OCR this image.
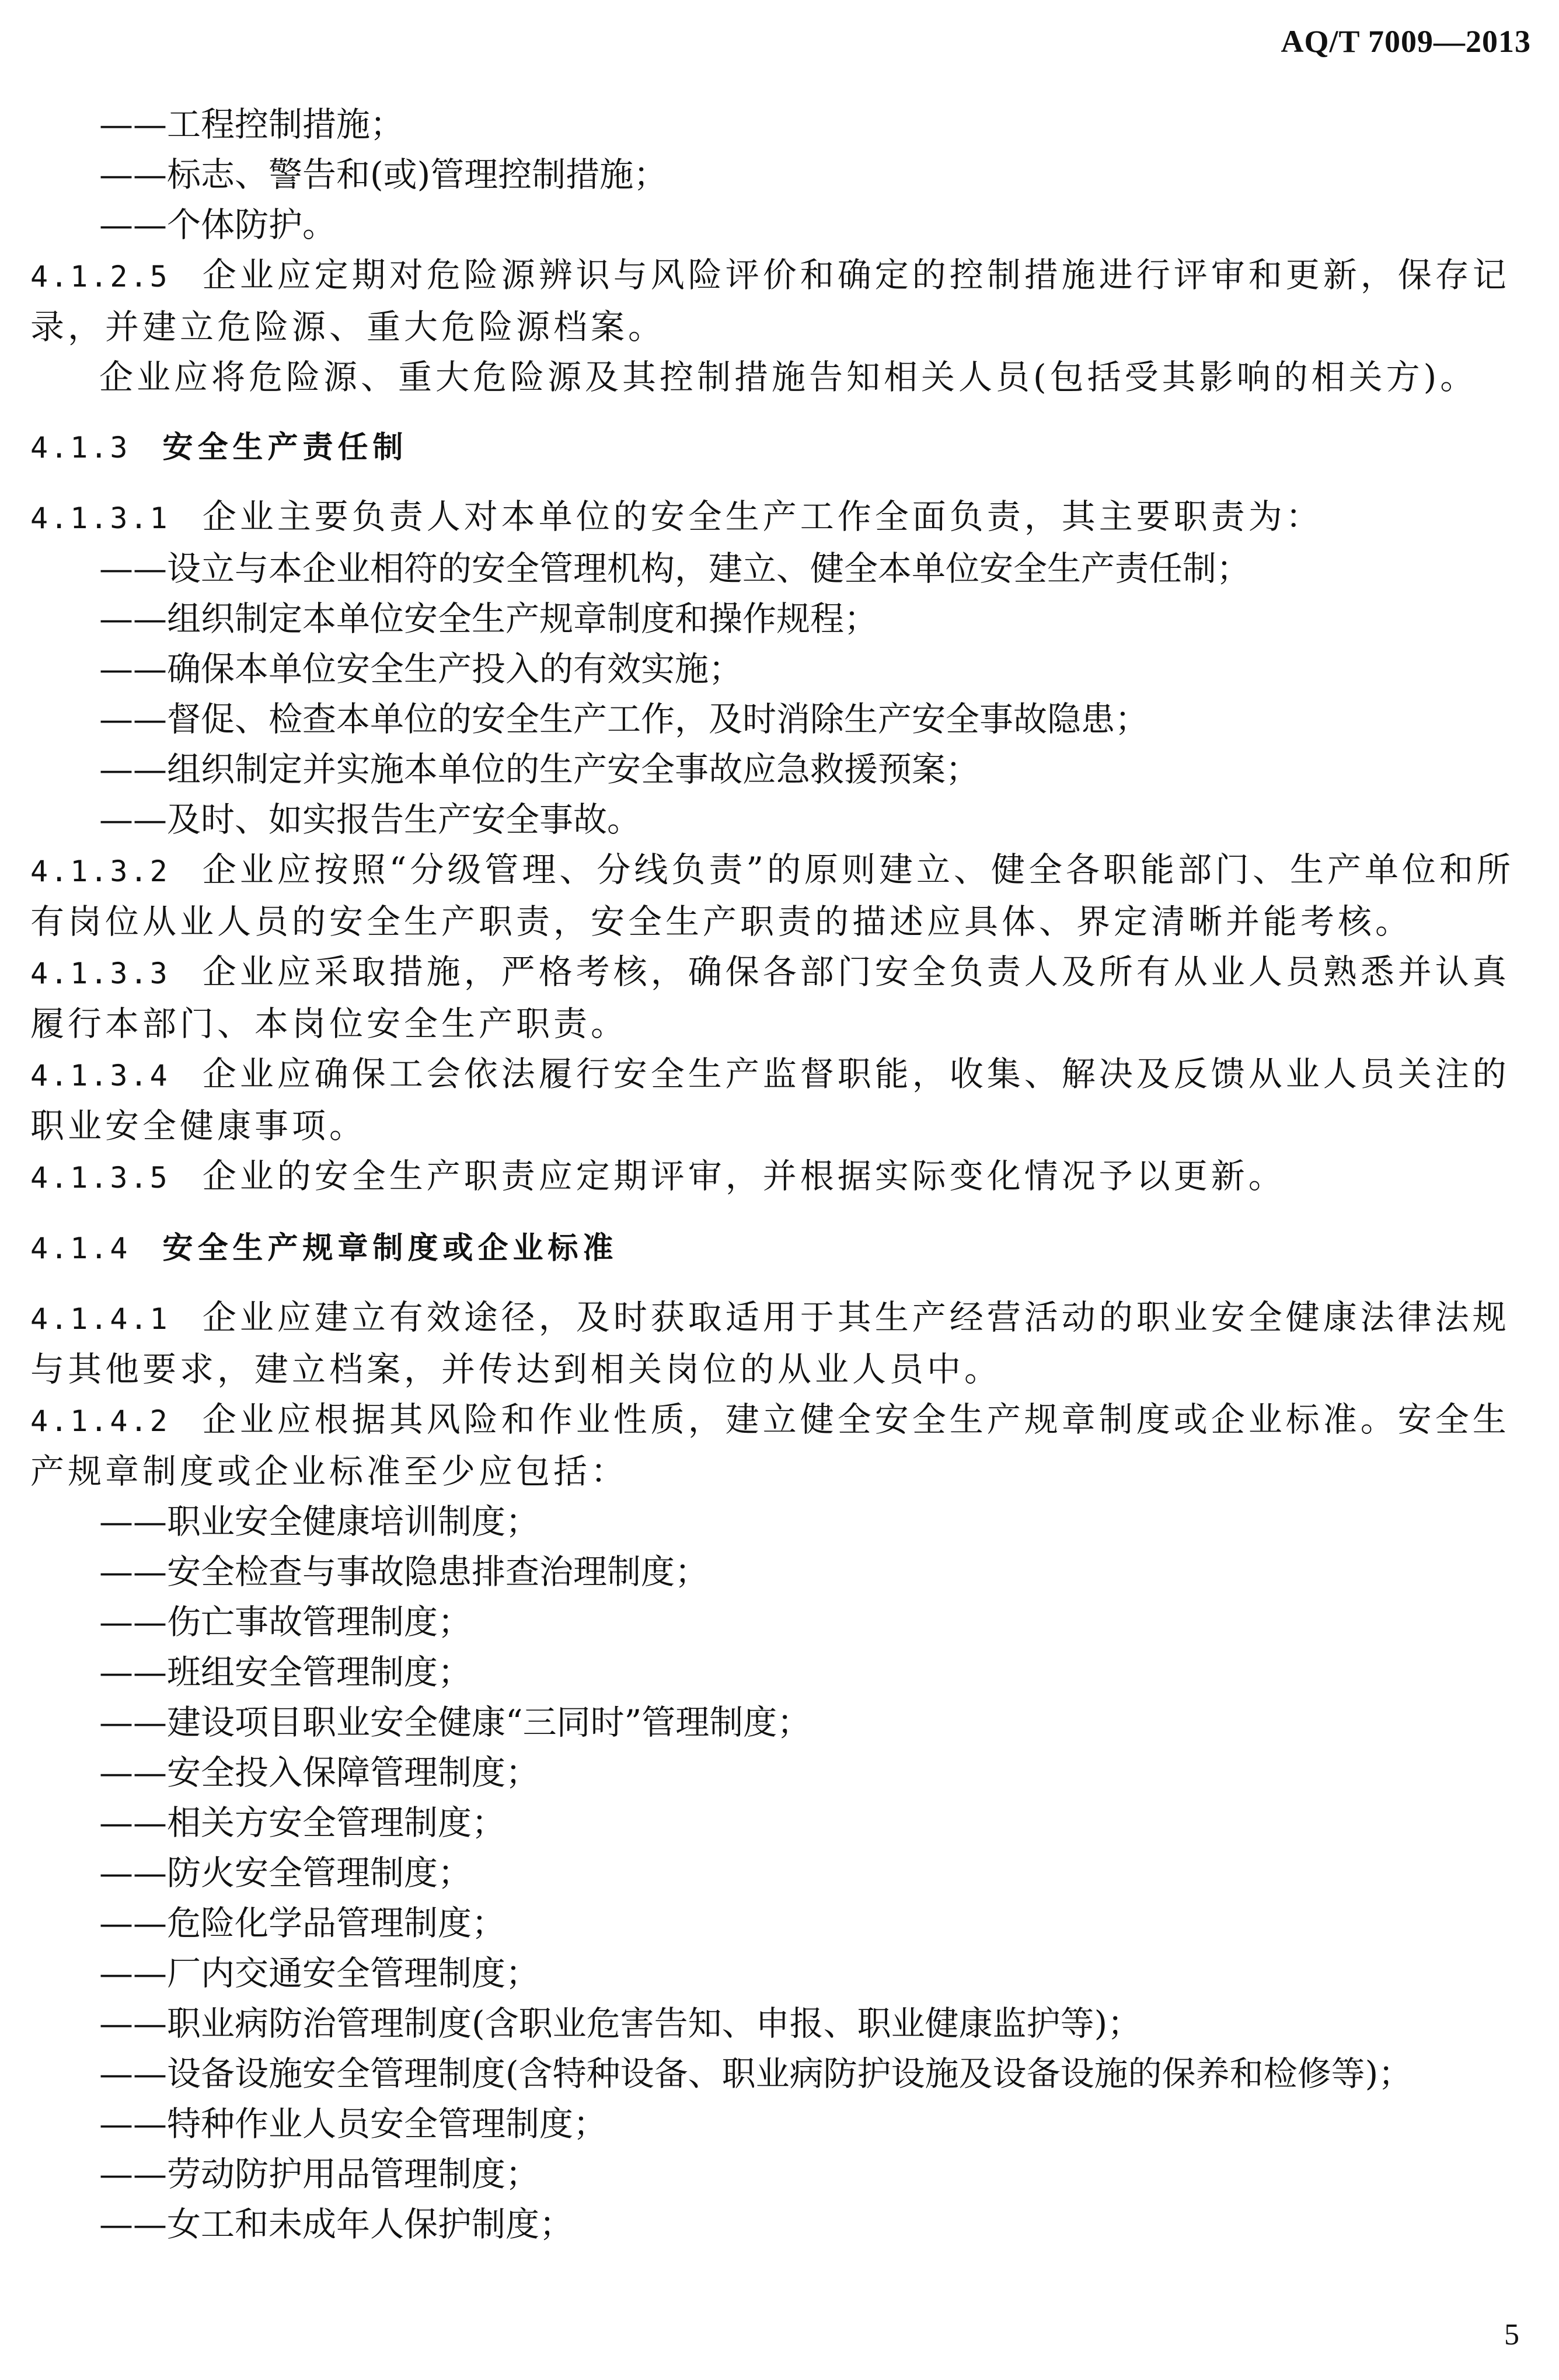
AQ/T 7009—2013
——工程控制措施；
——标志、警告和(或)管理控制措施；
——个体防护。
4.1.2.5 企业应定期对危险源辨识与风险评价和确定的控制措施进行评审和更新，保存记录，并建立危险源、重大危险源档案。
企业应将危险源、重大危险源及其控制措施告知相关人员(包括受其影响的相关方)。
4.1.3 安全生产责任制
4.1.3.1 企业主要负责人对本单位的安全生产工作全面负责，其主要职责为：
——设立与本企业相符的安全管理机构，建立、健全本单位安全生产责任制；
——组织制定本单位安全生产规章制度和操作规程；
——确保本单位安全生产投入的有效实施；
——督促、检查本单位的安全生产工作，及时消除生产安全事故隐患；
——组织制定并实施本单位的生产安全事故应急救援预案；
——及时、如实报告生产安全事故。
4.1.3.2 企业应按照“分级管理、分线负责”的原则建立、健全各职能部门、生产单位和所有岗位从业人员的安全生产职责，安全生产职责的描述应具体、界定清晰并能考核。
4.1.3.3 企业应采取措施，严格考核，确保各部门安全负责人及所有从业人员熟悉并认真履行本部门、本岗位安全生产职责。
4.1.3.4 企业应确保工会依法履行安全生产监督职能，收集、解决及反馈从业人员关注的职业安全健康事项。
4.1.3.5 企业的安全生产职责应定期评审，并根据实际变化情况予以更新。
4.1.4 安全生产规章制度或企业标准
4.1.4.1 企业应建立有效途径，及时获取适用于其生产经营活动的职业安全健康法律法规与其他要求，建立档案，并传达到相关岗位的从业人员中。
4.1.4.2 企业应根据其风险和作业性质，建立健全安全生产规章制度或企业标准。安全生产规章制度或企业标准至少应包括：
——职业安全健康培训制度；
——安全检查与事故隐患排查治理制度；
——伤亡事故管理制度；
——班组安全管理制度；
——建设项目职业安全健康“三同时”管理制度；
——安全投入保障管理制度；
——相关方安全管理制度；
——防火安全管理制度；
——危险化学品管理制度；
——厂内交通安全管理制度；
——职业病防治管理制度(含职业危害告知、申报、职业健康监护等)；
——设备设施安全管理制度(含特种设备、职业病防护设施及设备设施的保养和检修等)；
——特种作业人员安全管理制度；
——劳动防护用品管理制度；
——女工和未成年人保护制度；
5
